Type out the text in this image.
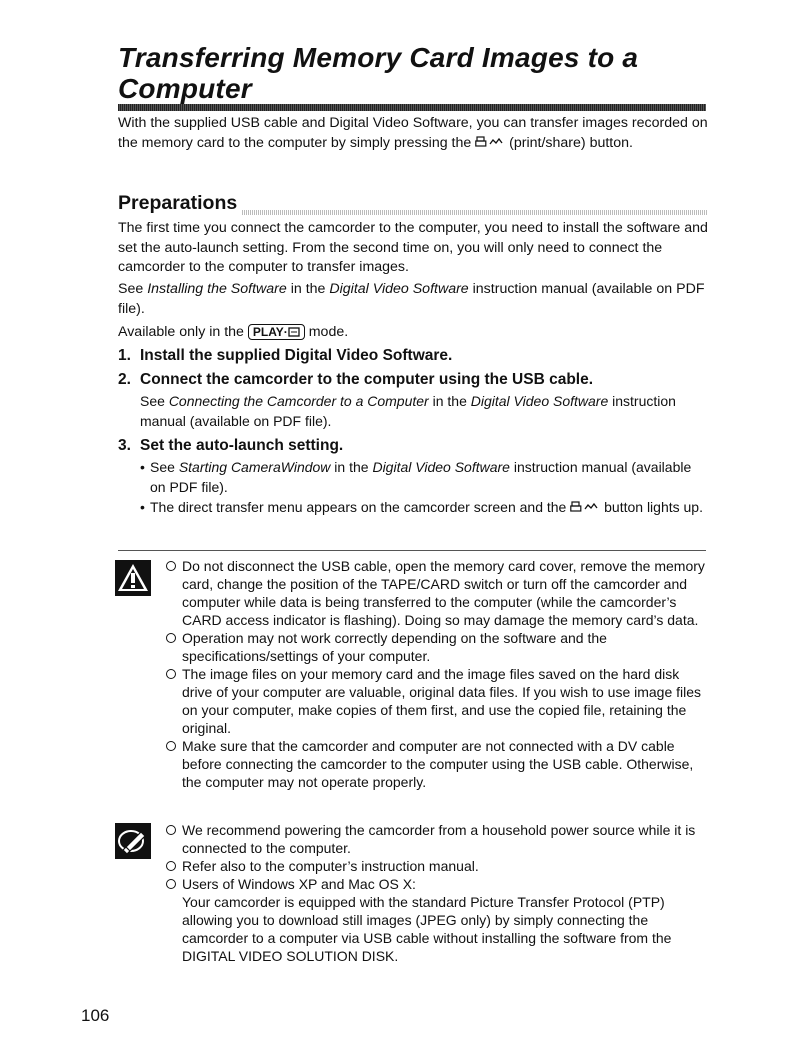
Transferring Memory Card Images to a Computer

With the supplied USB cable and Digital Video Software, you can transfer images recorded on the memory card to the computer by simply pressing the  (print/share) button.

Preparations

The first time you connect the camcorder to the computer, you need to install the software and set the auto-launch setting. From the second time on, you will only need to connect the camcorder to the computer to transfer images.

See Installing the Software in the Digital Video Software instruction manual (available on PDF file).

Available only in the PLAY· mode.

1. Install the supplied Digital Video Software.

2. Connect the camcorder to the computer using the USB cable.

See Connecting the Camcorder to a Computer in the Digital Video Software instruction manual (available on PDF file).

3. Set the auto-launch setting.

• See Starting CameraWindow in the Digital Video Software instruction manual (available on PDF file).

• The direct transfer menu appears on the camcorder screen and the  button lights up.

Do not disconnect the USB cable, open the memory card cover, remove the memory card, change the position of the TAPE/CARD switch or turn off the camcorder and computer while data is being transferred to the computer (while the camcorder’s CARD access indicator is flashing). Doing so may damage the memory card’s data.

Operation may not work correctly depending on the software and the specifications/settings of your computer.

The image files on your memory card and the image files saved on the hard disk drive of your computer are valuable, original data files. If you wish to use image files on your computer, make copies of them first, and use the copied file, retaining the original.

Make sure that the camcorder and computer are not connected with a DV cable before connecting the camcorder to the computer using the USB cable. Otherwise, the computer may not operate properly.

We recommend powering the camcorder from a household power source while it is connected to the computer.

Refer also to the computer’s instruction manual.

Users of Windows XP and Mac OS X:
Your camcorder is equipped with the standard Picture Transfer Protocol (PTP) allowing you to download still images (JPEG only) by simply connecting the camcorder to a computer via USB cable without installing the software from the DIGITAL VIDEO SOLUTION DISK.

106
